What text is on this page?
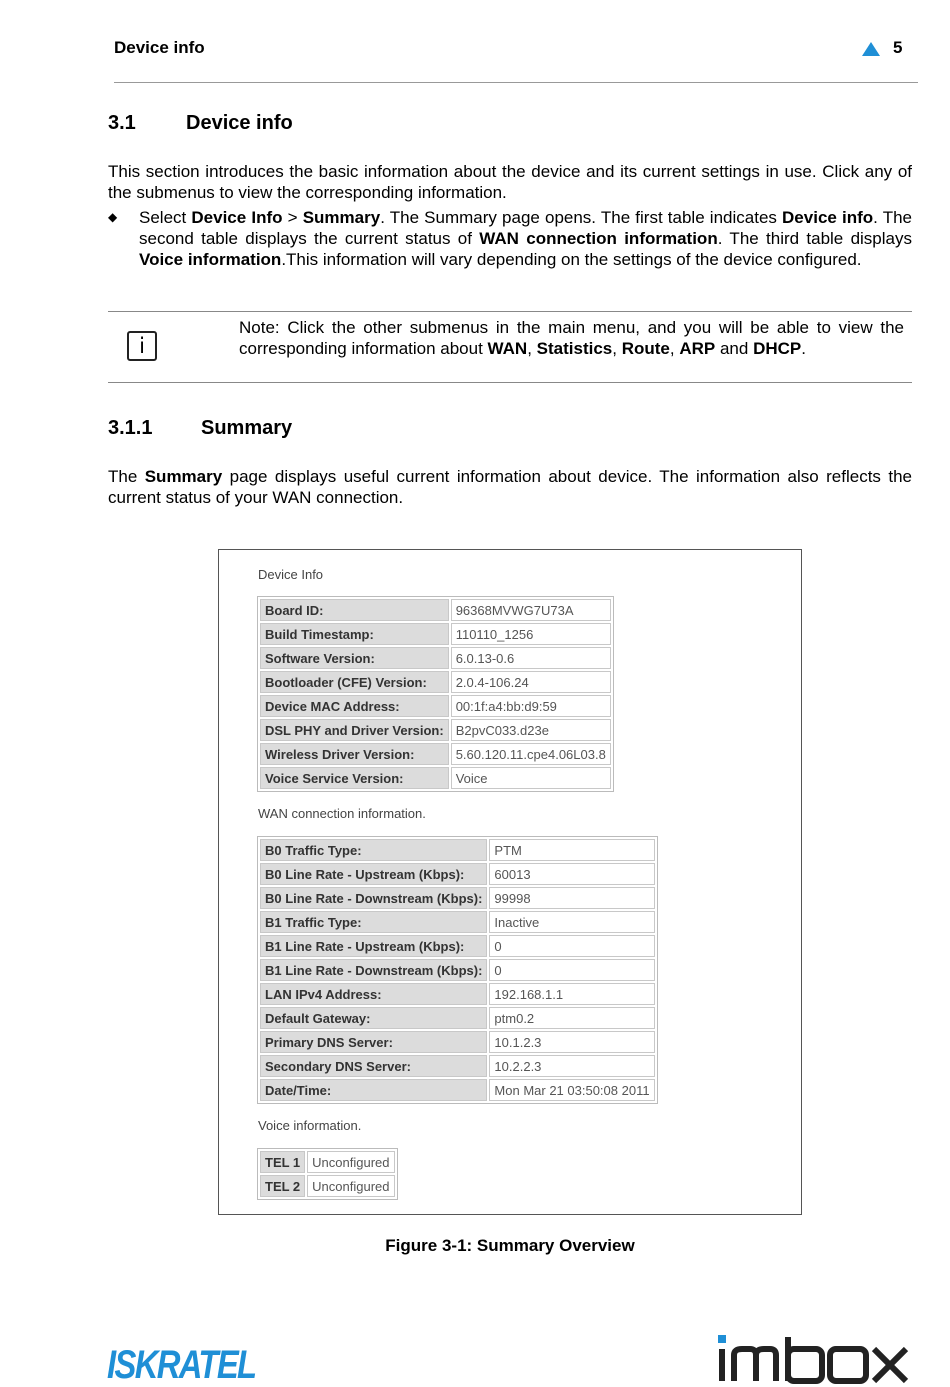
Device info	5
3.1	Device info
This section introduces the basic information about the device and its current settings in use. Click any of the submenus to view the corresponding information.
◆ Select Device Info > Summary. The Summary page opens. The first table indicates Device info. The second table displays the current status of WAN connection information. The third table displays Voice information.This information will vary depending on the settings of the device configured.
i
Note: Click the other submenus in the main menu, and you will be able to view the corresponding information about WAN, Statistics, Route, ARP and DHCP.
3.1.1 Summary
The Summary page displays useful current information about device. The information also reflects the current status of your WAN connection.
Device Info
Board ID:	96368MVWG7U73A
Build Timestamp:	110110_1256
Software Version:	6.0.13-0.6
Bootloader (CFE) Version:	2.0.4-106.24
Device MAC Address:	00:1f:a4:bb:d9:59
DSL PHY and Driver Version:	B2pvC033.d23e
Wireless Driver Version:	5.60.120.11.cpe4.06L03.8
Voice Service Version:	Voice
WAN connection information.
B0 Traffic Type:	PTM
B0 Line Rate - Upstream (Kbps):	60013
B0 Line Rate - Downstream (Kbps):	99998
B1 Traffic Type:	Inactive
B1 Line Rate - Upstream (Kbps):	0
B1 Line Rate - Downstream (Kbps):	0
LAN IPv4 Address:	192.168.1.1
Default Gateway:	ptm0.2
Primary DNS Server:	10.1.2.3
Secondary DNS Server:	10.2.2.3
Date/Time:	Mon Mar 21 03:50:08 2011
Voice information.
TEL 1	Unconfigured
TEL 2	Unconfigured
Figure 3-1: Summary Overview
ISKRATEL
